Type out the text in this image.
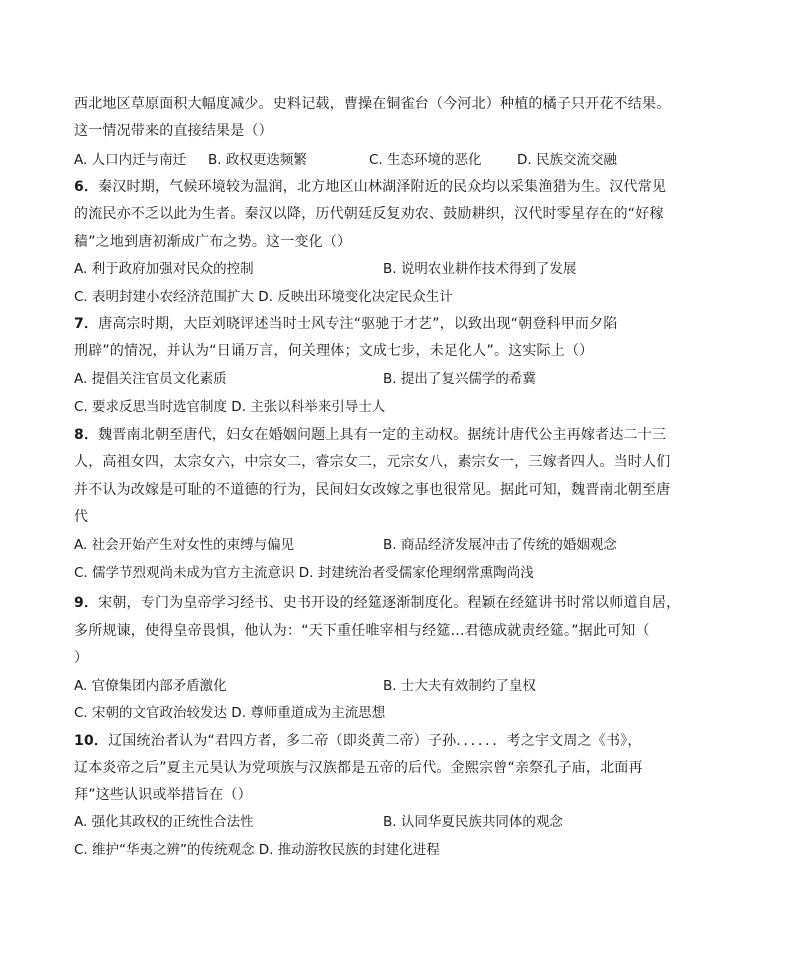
西北地区草原面积大幅度减少。史料记载，曹操在铜雀台（今河北）种植的橘子只开花不结果。
这一情况带来的直接结果是（）
A. 人口内迁与南迁 B. 政权更迭频繁	C. 生态环境的恶化	D. 民族交流交融
6．秦汉时期，气候环境较为温润，北方地区山林湖泽附近的民众均以采集渔猎为生。汉代常见
的流民亦不乏以此为生者。秦汉以降，历代朝廷反复劝农、鼓励耕织，汉代时零星存在的“好稼
穑”之地到唐初渐成广布之势。这一变化（）
A. 利于政府加强对民众的控制	B. 说明农业耕作技术得到了发展
C. 表明封建小农经济范围扩大 D. 反映出环境变化决定民众生计
7．唐高宗时期，大臣刘晓评述当时士风专注“驱驰于才艺”，以致出现“朝登科甲而夕陷
刑辟”的情况，并认为“日诵万言，何关理体；文成七步，未足化人”。这实际上（）
A. 提倡关注官员文化素质	B. 提出了复兴儒学的希冀
C. 要求反思当时选官制度 D. 主张以科举来引导士人
8．魏晋南北朝至唐代，妇女在婚姻问题上具有一定的主动权。据统计唐代公主再嫁者达二十三
人，高祖女四，太宗女六，中宗女二，睿宗女二，元宗女八，素宗女一，三嫁者四人。当时人们
并不认为改嫁是可耻的不道德的行为，民间妇女改嫁之事也很常见。据此可知，魏晋南北朝至唐
代
A. 社会开始产生对女性的束缚与偏见	B. 商品经济发展冲击了传统的婚姻观念
C. 儒学节烈观尚未成为官方主流意识 D. 封建统治者受儒家伦理纲常熏陶尚浅
9．宋朝，专门为皇帝学习经书、史书开设的经筵逐渐制度化。程颖在经筵讲书时常以师道自居，
多所规谏，使得皇帝畏惧，他认为：“天下重任唯宰相与经筵...君德成就责经筵。”据此可知（
）
A. 官僚集团内部矛盾激化	B. 士大夫有效制约了皇权
C. 宋朝的文官政治较发达 D. 尊师重道成为主流思想
10．辽国统治者认为“君四方者，多二帝（即炎黄二帝）子孙．．．．．．考之宇文周之《书》，
辽本炎帝之后”夏主元昊认为党项族与汉族都是五帝的后代。金熙宗曾“亲祭孔子庙，北面再
拜”这些认识或举措旨在（）
A. 强化其政权的正统性合法性	B. 认同华夏民族共同体的观念
C. 维护“华夷之辨”的传统观念 D. 推动游牧民族的封建化进程
